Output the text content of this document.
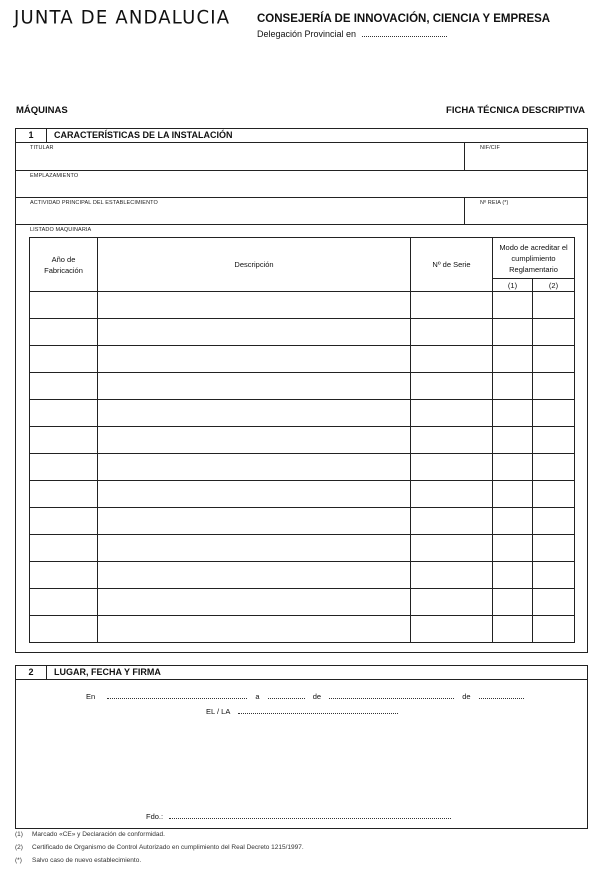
JUNTA DE ANDALUCIA CONSEJERÍA DE INNOVACIÓN, CIENCIA Y EMPRESA
Delegación Provincial en
MÁQUINAS	FICHA TÉCNICA DESCRIPTIVA
1	CARACTERÍSTICAS DE LA INSTALACIÓN
TITULAR	NIF/CIF
EMPLAZAMIENTO
ACTIVIDAD PRINCIPAL DEL ESTABLECIMIENTO	Nº REIA (*)
LISTADO MAQUINARIA
Año de Fabricación	Descripción	Nº de Serie	Modo de acreditar el cumplimiento Reglamentario	
			(1)	(2)

2	LUGAR, FECHA Y FIRMA
En	a	de	de
EL / LA
Fdo.:
(1) Marcado «CE» y Declaración de conformidad.
(2) Certificado de Organismo de Control Autorizado en cumplimiento del Real Decreto 1215/1997.
(*) Salvo caso de nuevo establecimiento.
